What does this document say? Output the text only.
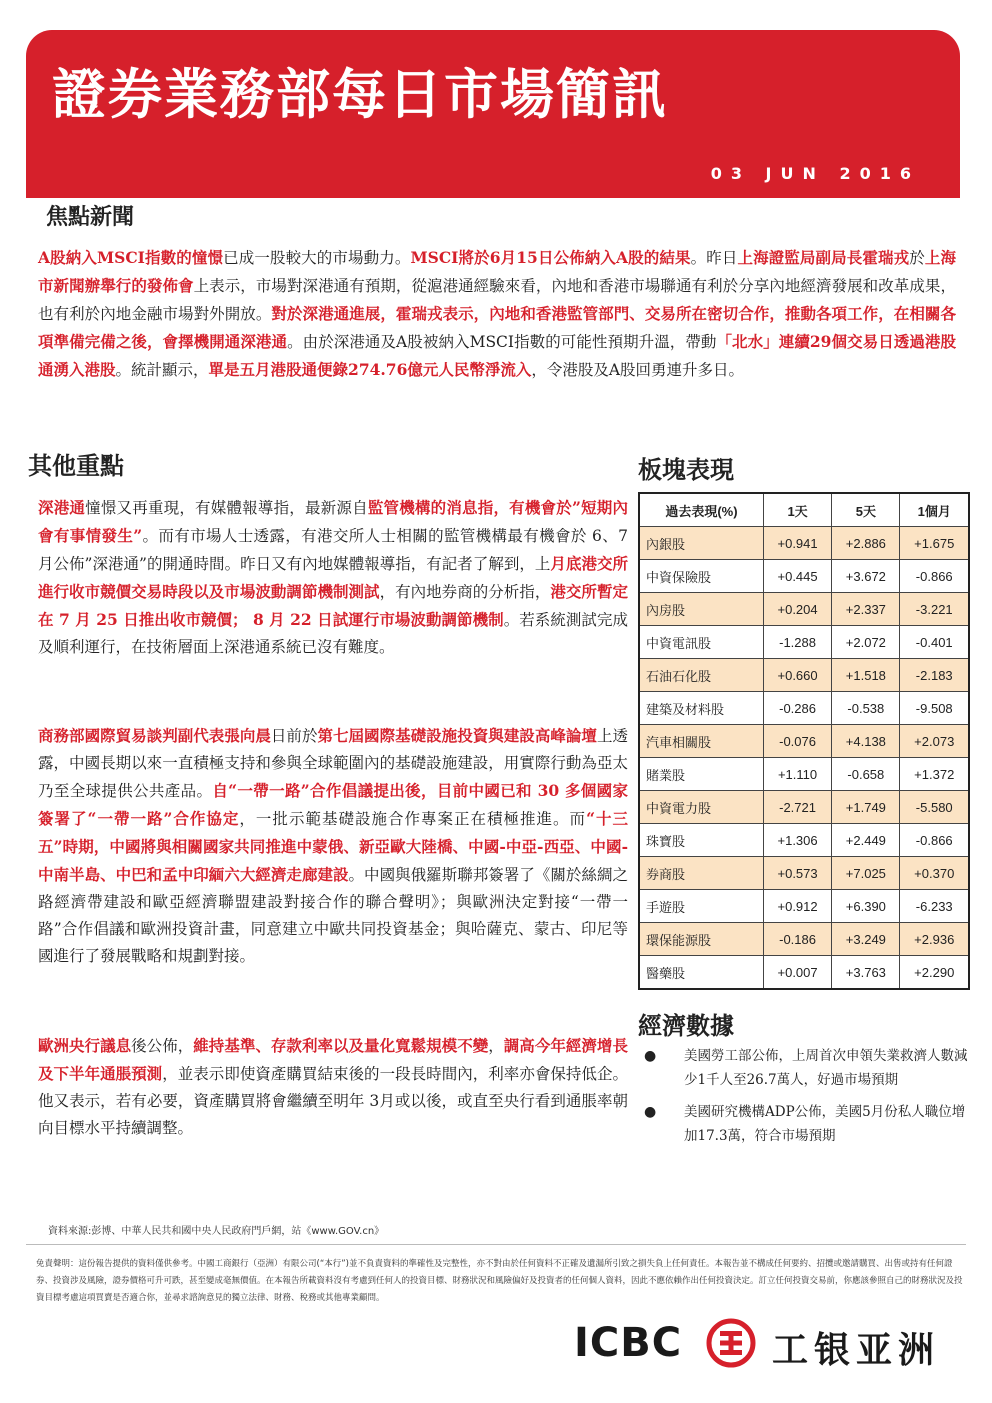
證券業務部每日市場簡訊
03 JUN 2016
焦點新聞

A股納入MSCI指數的憧憬已成一股較大的市場動力。MSCI將於6月15日公佈納入A股的結果。昨日上海證監局副局長霍瑞戎於上海市新聞辦舉行的發佈會上表示，市場對深港通有預期，從滬港通經驗來看，內地和香港市場聯通有利於分享內地經濟發展和改革成果，也有利於內地金融市場對外開放。對於深港通進展，霍瑞戎表示，內地和香港監管部門、交易所在密切合作，推動各項工作，在相關各項準備完備之後，會擇機開通深港通。由於深港通及A股被納入MSCI指數的可能性預期升溫，帶動「北水」連續29個交易日透過港股通湧入港股。統計顯示，單是五月港股通便錄274.76億元人民幣淨流入，令港股及A股回勇連升多日。

其他重點

深港通憧憬又再重現，有媒體報導指，最新源自監管機構的消息指，有機會於”短期內會有事情發生”。而有市場人士透露，有港交所人士相關的監管機構最有機會於 6、7月公佈”深港通”的開通時間。昨日又有內地媒體報導指，有記者了解到，上月底港交所進行收市競價交易時段以及市場波動調節機制測試，有內地券商的分析指，港交所暫定在 7 月 25 日推出收市競價； 8 月 22 日試運行市場波動調節機制。若系統測試完成及順利運行，在技術層面上深港通系統已沒有難度。

商務部國際貿易談判副代表張向晨日前於第七屆國際基礎設施投資與建設高峰論壇上透露，中國長期以來一直積極支持和參與全球範圍內的基礎設施建設，用實際行動為亞太乃至全球提供公共產品。自“一帶一路”合作倡議提出後，目前中國已和 30 多個國家簽署了“一帶一路”合作協定，一批示範基礎設施合作專案正在積極推進。而“十三五”時期，中國將與相關國家共同推進中蒙俄、新亞歐大陸橋、中國-中亞-西亞、中國-中南半島、中巴和孟中印緬六大經濟走廊建設。中國與俄羅斯聯邦簽署了《關於絲綢之路經濟帶建設和歐亞經濟聯盟建設對接合作的聯合聲明》；與歐洲決定對接“一帶一路”合作倡議和歐洲投資計畫，同意建立中歐共同投資基金；與哈薩克、蒙古、印尼等國進行了發展戰略和規劃對接。

歐洲央行議息後公佈，維持基準、存款利率以及量化寬鬆規模不變，調高今年經濟增長及下半年通脹預測，並表示即使資產購買結束後的一段長時間內，利率亦會保持低企。他又表示，若有必要，資產購買將會繼續至明年 3月或以後，或直至央行看到通脹率朝向目標水平持續調整。

板塊表現
過去表現(%)	1天	5天	1個月
內銀股	+0.941	+2.886	+1.675
中資保險股	+0.445	+3.672	-0.866
內房股	+0.204	+2.337	-3.221
中資電訊股	-1.288	+2.072	-0.401
石油石化股	+0.660	+1.518	-2.183
建築及材料股	-0.286	-0.538	-9.508
汽車相關股	-0.076	+4.138	+2.073
賭業股	+1.110	-0.658	+1.372
中資電力股	-2.721	+1.749	-5.580
珠寶股	+1.306	+2.449	-0.866
券商股	+0.573	+7.025	+0.370
手遊股	+0.912	+6.390	-6.233
環保能源股	-0.186	+3.249	+2.936
醫藥股	+0.007	+3.763	+2.290
經濟數據
● 美國勞工部公佈，上周首次申領失業救濟人數減少1千人至26.7萬人，好過市場預期
● 美國研究機構ADP公佈，美國5月份私人職位增加17.3萬，符合市場預期
資料來源:彭博、中華人民共和國中央人民政府門戶網，站《www.GOV.cn》

免責聲明：這份報告提供的資料僅供參考。中國工商銀行（亞洲）有限公司(“本行”)並不負責資料的準確性及完整性，亦不對由於任何資料不正確及遺漏所引致之損失負上任何責任。本報告並不構成任何要約、招攬或邀請購買、出售或持有任何證券、投資涉及風險，證券價格可升可跌，甚至變成毫無價值。在本報告所載資料沒有考慮到任何人的投資目標、財務狀況和風險偏好及投資者的任何個人資料，因此不應依賴作出任何投資決定。訂立任何投資交易前，你應該參照自己的財務狀況及投資目標考慮這項買賣是否適合你，並尋求諮詢意見的獨立法律、財務、稅務或其他專業顧問。

ICBC 工银亚洲
